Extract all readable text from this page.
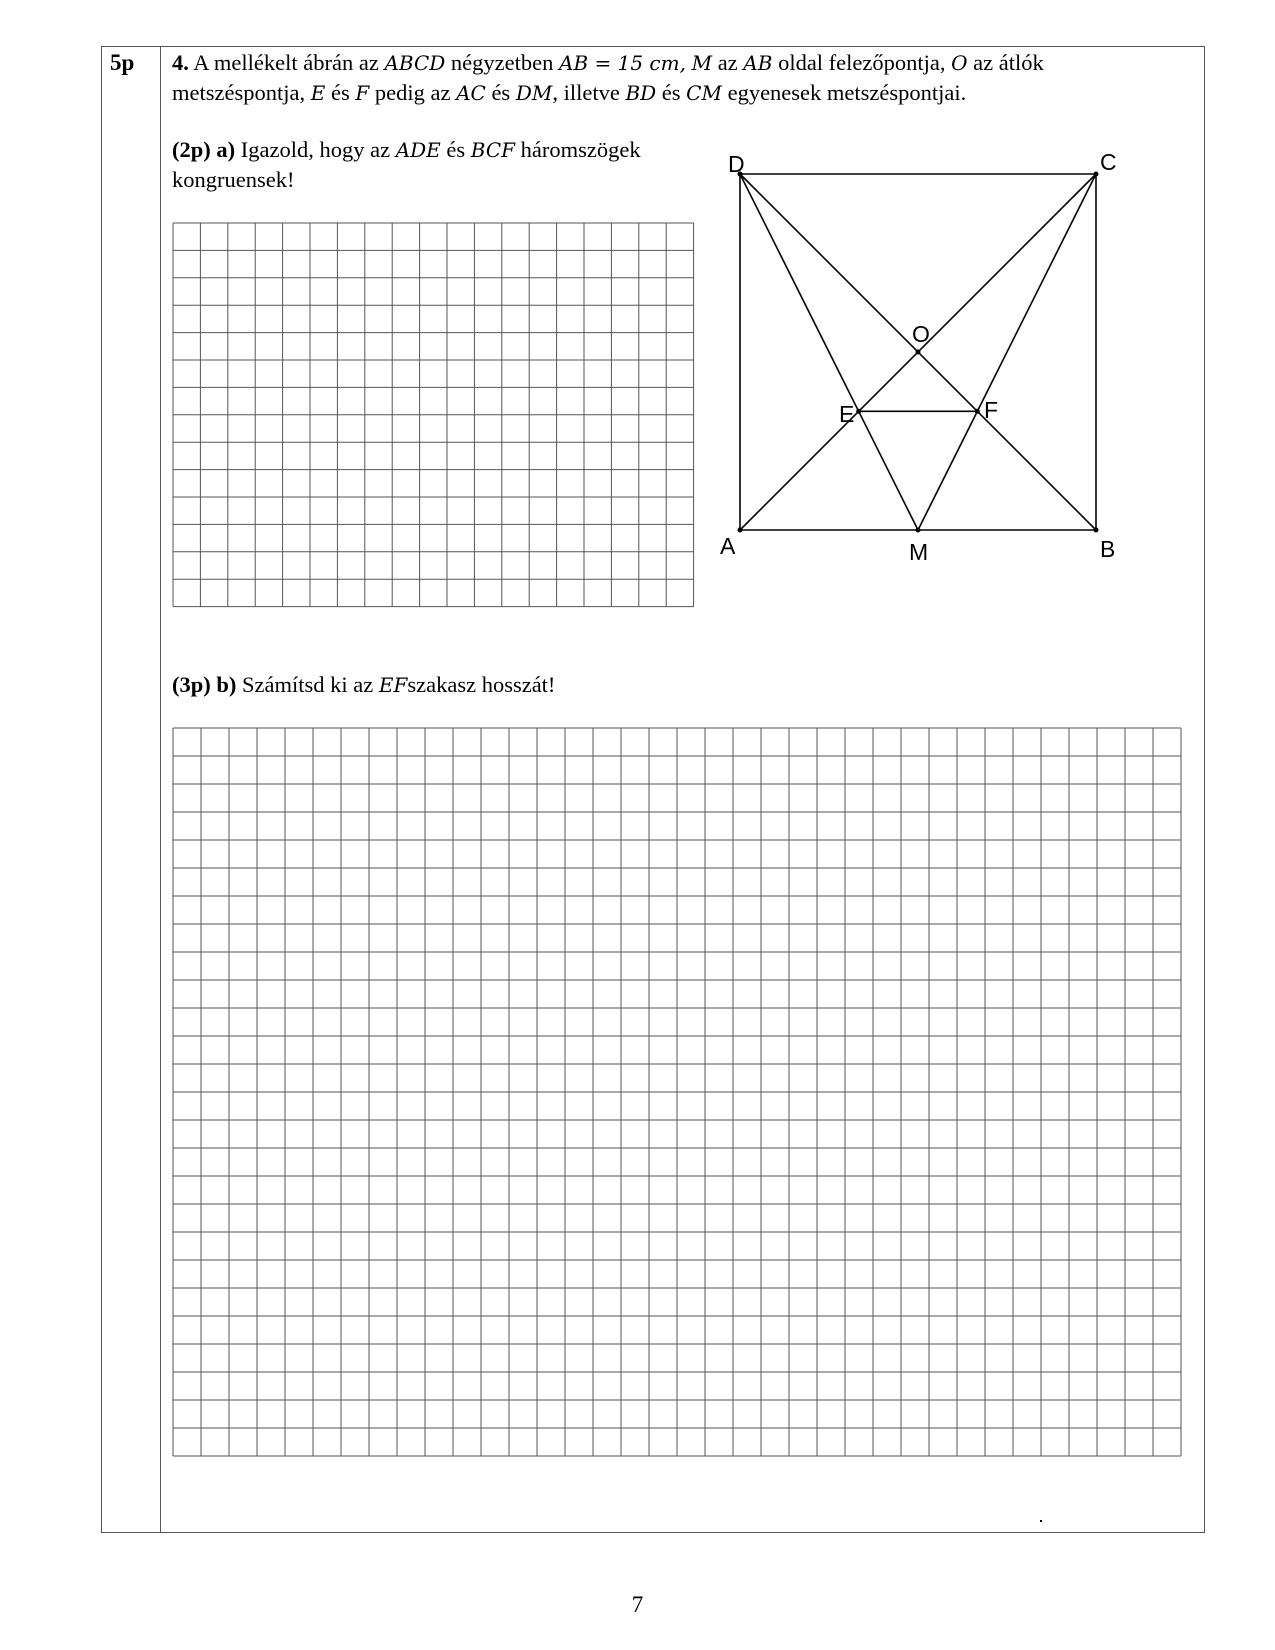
5p 4. A mellékelt ábrán az ABCD négyzetben AB = 15 cm, M az AB oldal felezőpontja, O az átlók
metszéspontja, E és F pedig az AC és DM, illetve BD és CM egyenesek metszéspontjai.
(2p) a) Igazold, hogy az ADE és BCF háromszögek
kongruensek!
D	C
A	M	B
O
E	F
(3p) b) Számítsd ki az EFszakasz hosszát!
7
